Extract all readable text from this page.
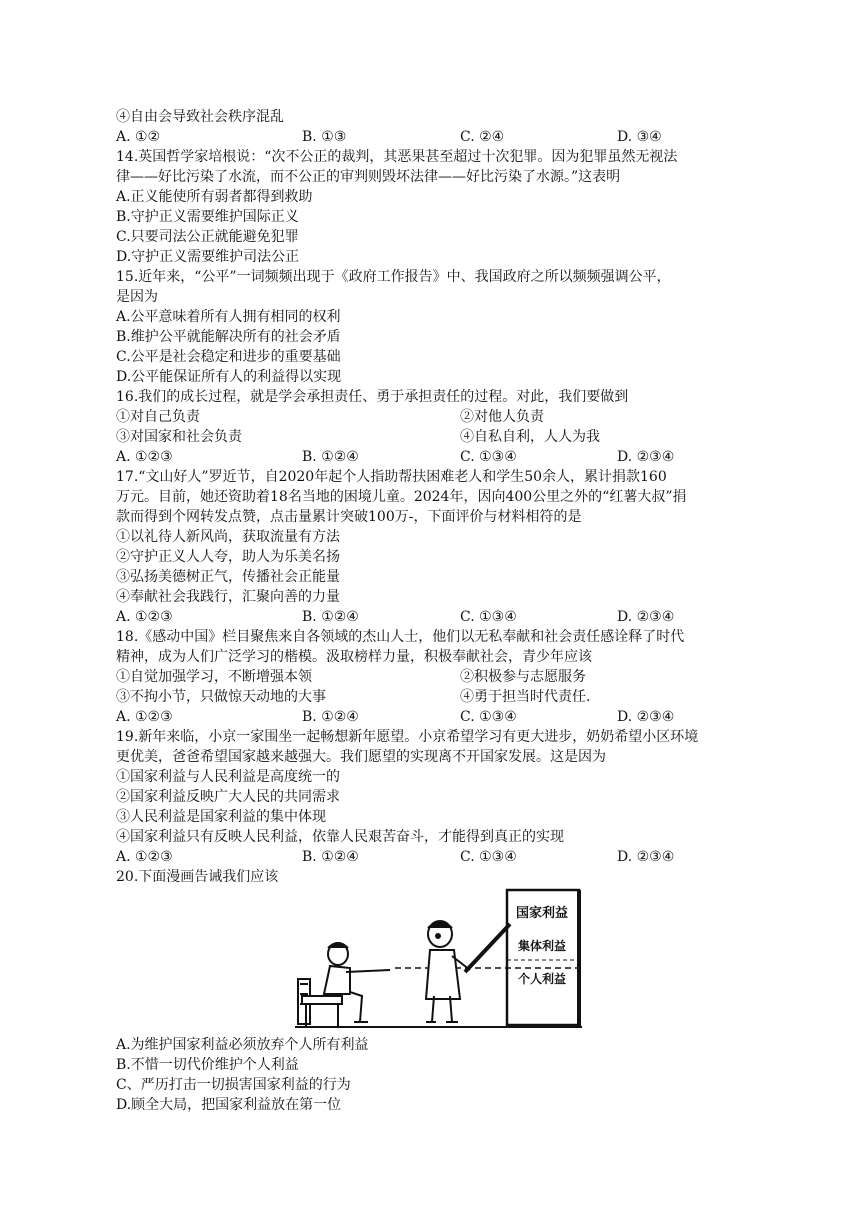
④自由会导致社会秩序混乱
A. ①②	B. ①③	C. ②④	D. ③④
14.英国哲学家培根说：“次不公正的裁判，其恶果甚至超过十次犯罪。因为犯罪虽然无视法
律——好比污染了水流，而不公正的审判则毁坏法律——好比污染了水源。”这表明
A.正义能使所有弱者都得到救助
B.守护正义需要维护国际正义
C.只要司法公正就能避免犯罪
D.守护正义需要维护司法公正
15.近年来，“公平”一词频频出现于《政府工作报告》中、我国政府之所以频频强调公平，
是因为
A.公平意味着所有人拥有相同的权利
B.维护公平就能解决所有的社会矛盾
C.公平是社会稳定和进步的重要基础
D.公平能保证所有人的利益得以实现
16.我们的成长过程，就是学会承担责任、勇于承担责任的过程。对此，我们要做到
①对自己负责	②对他人负责
③对国家和社会负责	④自私自利，人人为我
A. ①②③	B. ①②④	C. ①③④	D. ②③④
17.“文山好人”罗近节，自2020年起个人指助帮扶困难老人和学生50余人，累计捐款160
万元。目前，她还资助着18名当地的困境儿童。2024年，因向400公里之外的“红薯大叔”捐
款而得到个网转发点赞，点击量累计突破100万-，下面评价与材料相符的是
①以礼待人新风尚，获取流量有方法
②守护正义人人夸，助人为乐美名扬
③弘扬美德树正气，传播社会正能量
④奉献社会我践行，汇聚向善的力量
A. ①②③	B. ①②④	C. ①③④	D. ②③④
18.《感动中国》栏目聚焦来自各领域的杰山人士，他们以无私奉献和社会责任感诠释了时代
精神，成为人们广泛学习的楷模。汲取榜样力量，积极奉献社会，青少年应该
①自觉加强学习，不断增强本领	②积极参与志愿服务
③不拘小节，只做惊天动地的大事	④勇于担当时代责任.
A. ①②③	B. ①②④	C. ①③④	D. ②③④
19.新年来临，小京一家围坐一起畅想新年愿望。小京希望学习有更大进步，奶奶希望小区环境
更优美，爸爸希望国家越来越强大。我们愿望的实现离不开国家发展。这是因为
①国家利益与人民利益是高度统一的
②国家利益反映广大人民的共同需求
③人民利益是国家利益的集中体现
④国家利益只有反映人民利益，依靠人民艰苦奋斗，才能得到真正的实现
A. ①②③	B. ①②④	C. ①③④	D. ②③④
20.下面漫画告诫我们应该
国家利益
集体利益
个人利益
A.为维护国家利益必须放弃个人所有利益
B.不惜一切代价维护个人利益
C、严历打击一切损害国家利益的行为
D.顾全大局，把国家利益放在第一位
